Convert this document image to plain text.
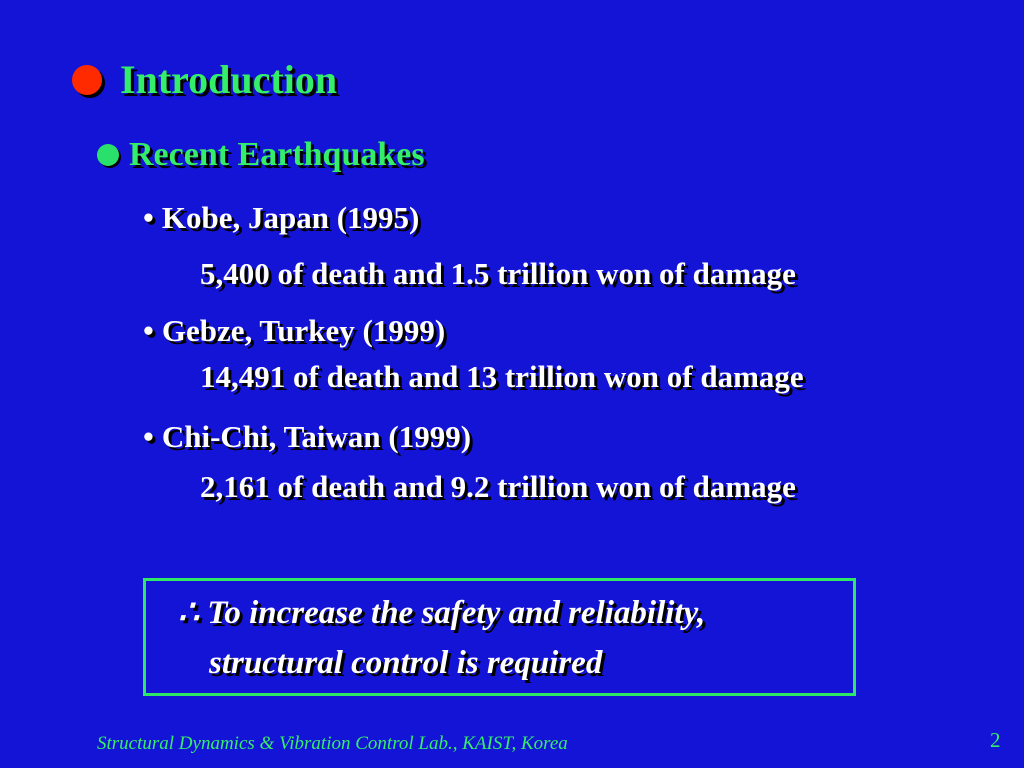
Introduction
Recent Earthquakes
• Kobe, Japan (1995)
5,400 of death and 1.5 trillion won of damage
• Gebze, Turkey (1999)
14,491 of death and 13 trillion won of damage
• Chi-Chi, Taiwan (1999)
2,161 of death and 9.2 trillion won of damage
∴ To increase the safety and reliability,
structural control is required
Structural Dynamics & Vibration Control Lab., KAIST, Korea	2
